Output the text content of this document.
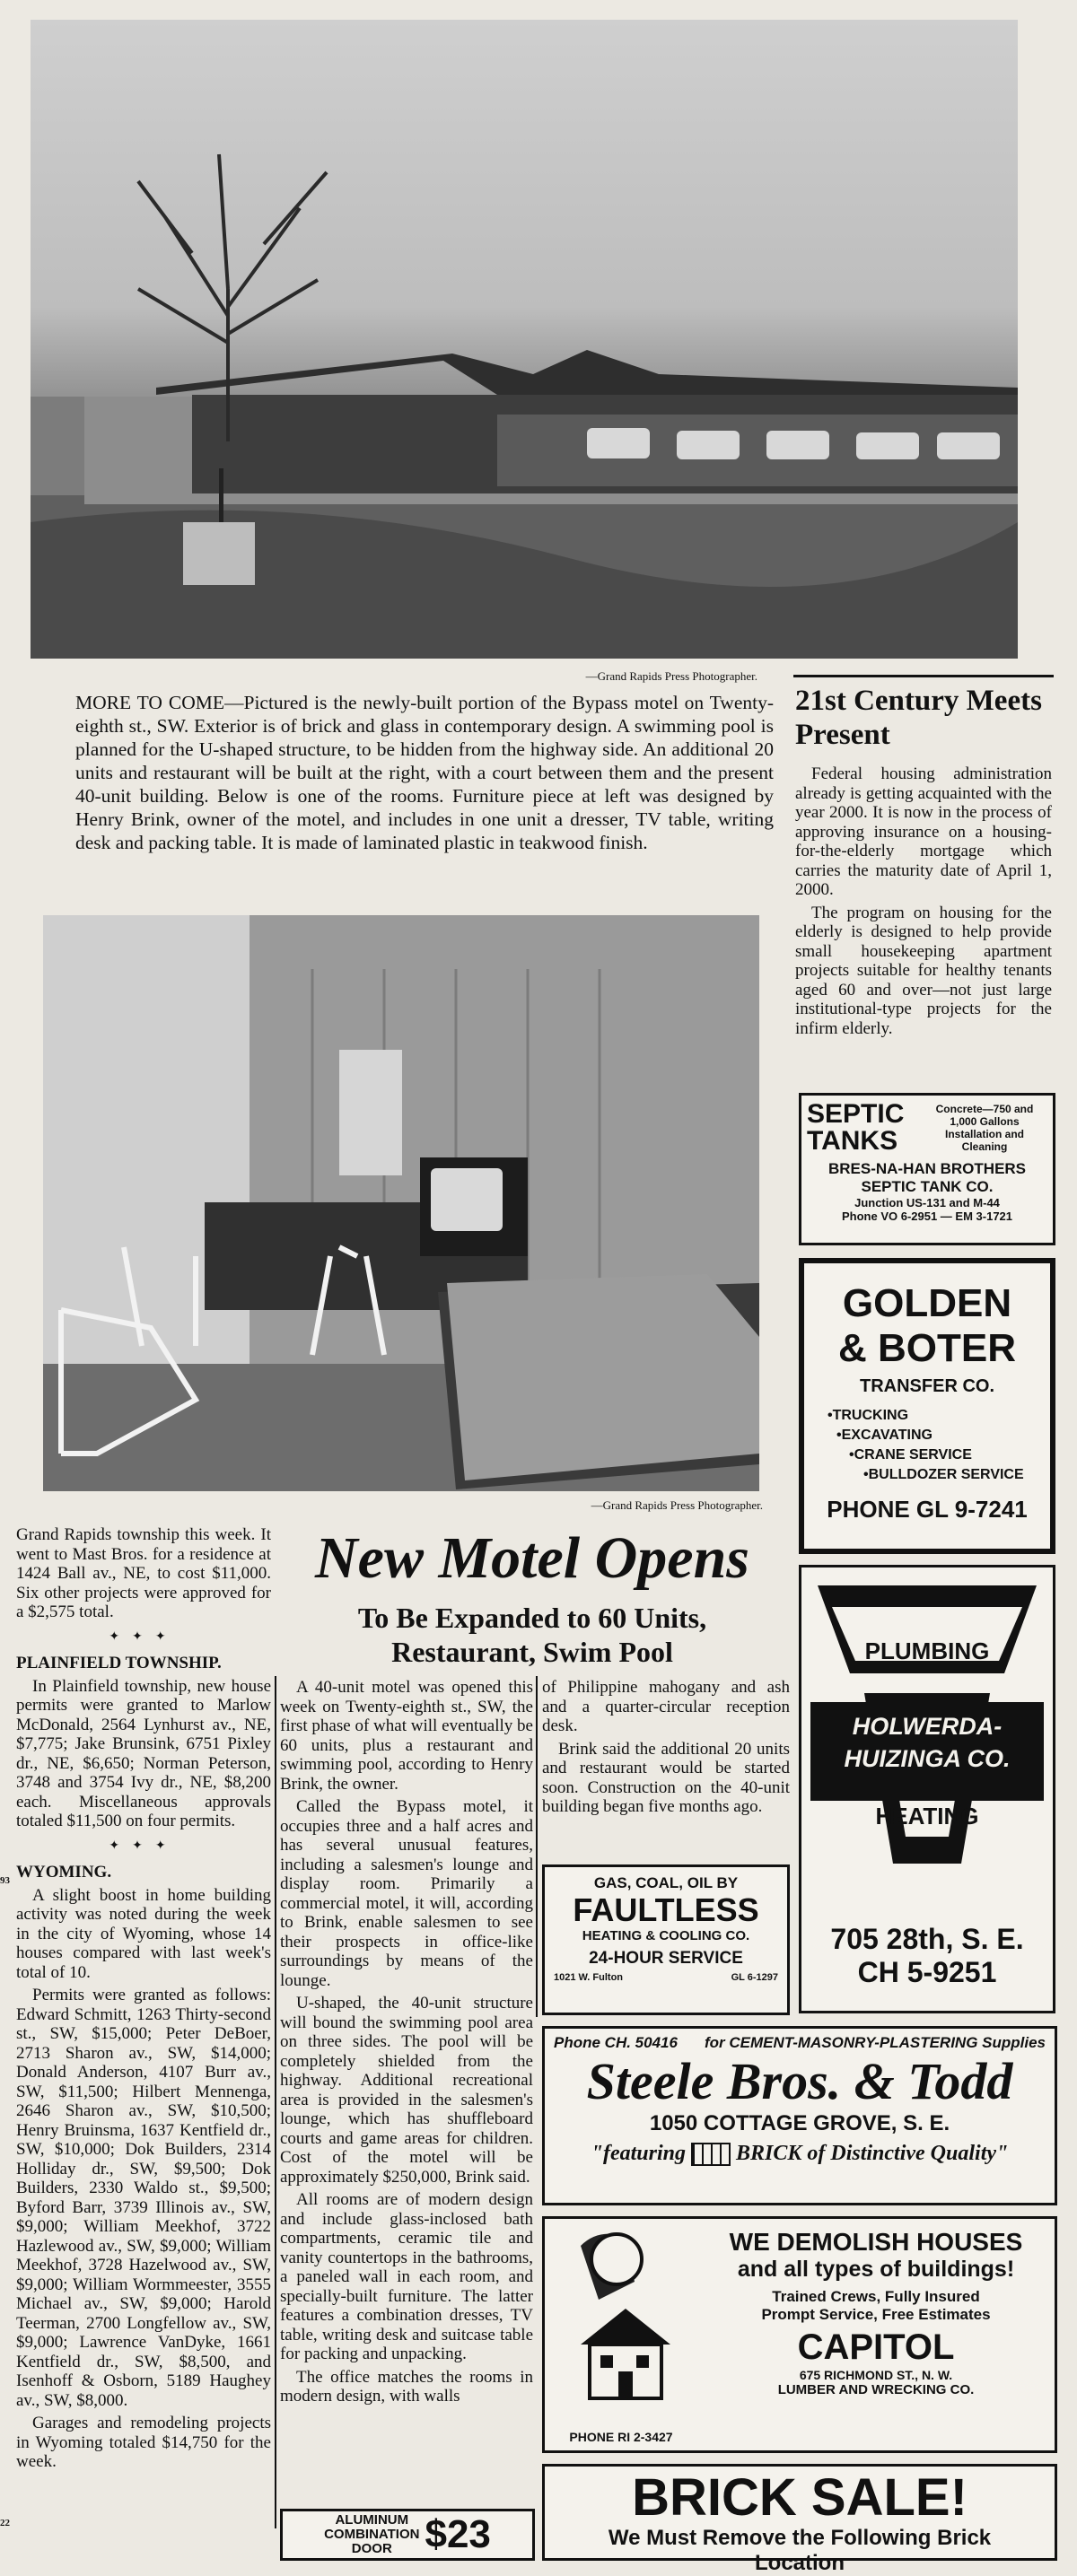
—Grand Rapids Press Photographer.
MORE TO COME—Pictured is the newly-built portion of the Bypass motel on Twenty-eighth st., SW. Exterior is of brick and glass in contemporary design. A swimming pool is planned for the U-shaped structure, to be hidden from the highway side. An additional 20 units and restaurant will be built at the right, with a court between them and the present 40-unit building. Below is one of the rooms. Furniture piece at left was designed by Henry Brink, owner of the motel, and includes in one unit a dresser, TV table, writing desk and packing table. It is made of laminated plastic in teakwood finish.
—Grand Rapids Press Photographer.
21st Century Meets Present

Federal housing administration already is getting acquainted with the year 2000. It is now in the process of approving insurance on a housing-for-the-elderly mortgage which carries the maturity date of April 1, 2000.

The program on housing for the elderly is designed to help provide small housekeeping apartment projects suitable for healthy tenants aged 60 and over—not just large institutional-type projects for the infirm elderly.

SEPTIC
TANKS
Concrete—750 and 1,000 Gallons
Installation and Cleaning
BRES-NA-HAN BROTHERS
SEPTIC TANK CO.
Junction US-131 and M-44
Phone VO 6-2951 — EM 3-1721
GOLDEN
& BOTER
TRANSFER CO.
•TRUCKING
•EXCAVATING
•CRANE SERVICE
•BULLDOZER SERVICE
PHONE GL 9-7241
PLUMBING
HOLWERDA-
HUIZINGA CO.
HEATING
705 28th, S. E.
CH 5-9251

Grand Rapids township this week. It went to Mast Bros. for a residence at 1424 Ball av., NE, to cost $11,000. Six other projects were approved for a $2,575 total.

✦✦✦

PLAINFIELD TOWNSHIP.

In Plainfield township, new house permits were granted to Marlow McDonald, 2564 Lynhurst av., NE, $7,775; Jake Brunsink, 6751 Pixley dr., NE, $6,650; Norman Peterson, 3748 and 3754 Ivy dr., NE, $8,200 each. Miscellaneous approvals totaled $11,500 on four permits.

✦✦✦

WYOMING.

A slight boost in home building activity was noted during the week in the city of Wyoming, whose 14 houses compared with last week's total of 10.

Permits were granted as follows: Edward Schmitt, 1263 Thirty-second st., SW, $15,000; Peter DeBoer, 2713 Sharon av., SW, $14,000; Donald Anderson, 4107 Burr av., SW, $11,500; Hilbert Mennenga, 2646 Sharon av., SW, $10,500; Henry Bruinsma, 1637 Kentfield dr., SW, $10,000; Dok Builders, 2314 Holliday dr., SW, $9,500; Dok Builders, 2330 Waldo st., $9,500; Byford Barr, 3739 Illinois av., SW, $9,000; William Meekhof, 3722 Hazlewood av., SW, $9,000; William Meekhof, 3728 Hazelwood av., SW, $9,000; William Wormmeester, 3555 Michael av., SW, $9,000; Harold Teerman, 2700 Longfellow av., SW, $9,000; Lawrence VanDyke, 1661 Kentfield dr., SW, $8,500, and Isenhoff & Osborn, 5189 Haughey av., SW, $8,000.

Garages and remodeling projects in Wyoming totaled $14,750 for the week.

93
22
New Motel Opens
To Be Expanded to 60 Units,
Restaurant, Swim Pool

A 40-unit motel was opened this week on Twenty-eighth st., SW, the first phase of what will eventually be 60 units, plus a restaurant and swimming pool, according to Henry Brink, the owner.

Called the Bypass motel, it occupies three and a half acres and has several unusual features, including a salesmen's lounge and display room. Primarily a commercial motel, it will, according to Brink, enable salesmen to see their prospects in office-like surroundings by means of the lounge.

U-shaped, the 40-unit structure will bound the swimming pool area on three sides. The pool will be completely shielded from the highway. Additional recreational area is provided in the salesmen's lounge, which has shuffleboard courts and game areas for children. Cost of the motel will be approximately $250,000, Brink said.

All rooms are of modern design and include glass-inclosed bath compartments, ceramic tile and vanity countertops in the bathrooms, a paneled wall in each room, and specially-built furniture. The latter features a combination dresses, TV table, writing desk and suitcase table for packing and unpacking.

The office matches the rooms in modern design, with walls

of Philippine mahogany and ash and a quarter-circular reception desk.

Brink said the additional 20 units and restaurant would be started soon. Construction on the 40-unit building began five months ago.

GAS, COAL, OIL BY
FAULTLESS
HEATING & COOLING CO.
24-HOUR SERVICE
1021 W. Fulton	GL 6-1297
Phone CH. 50416 for CEMENT-MASONRY-PLASTERING Supplies
Steele Bros. & Todd
1050 COTTAGE GROVE, S. E.
"featuring BRICK of Distinctive Quality"
PHONE RI 2-3427
WE DEMOLISH HOUSES
and all types of buildings!
Trained Crews, Fully Insured
Prompt Service, Free Estimates
CAPITOL
675 RICHMOND ST., N. W.
LUMBER AND WRECKING CO.
ALUMINUM
COMBINATION
DOOR $23
BRICK SALE!
We Must Remove the Following Brick
Location
